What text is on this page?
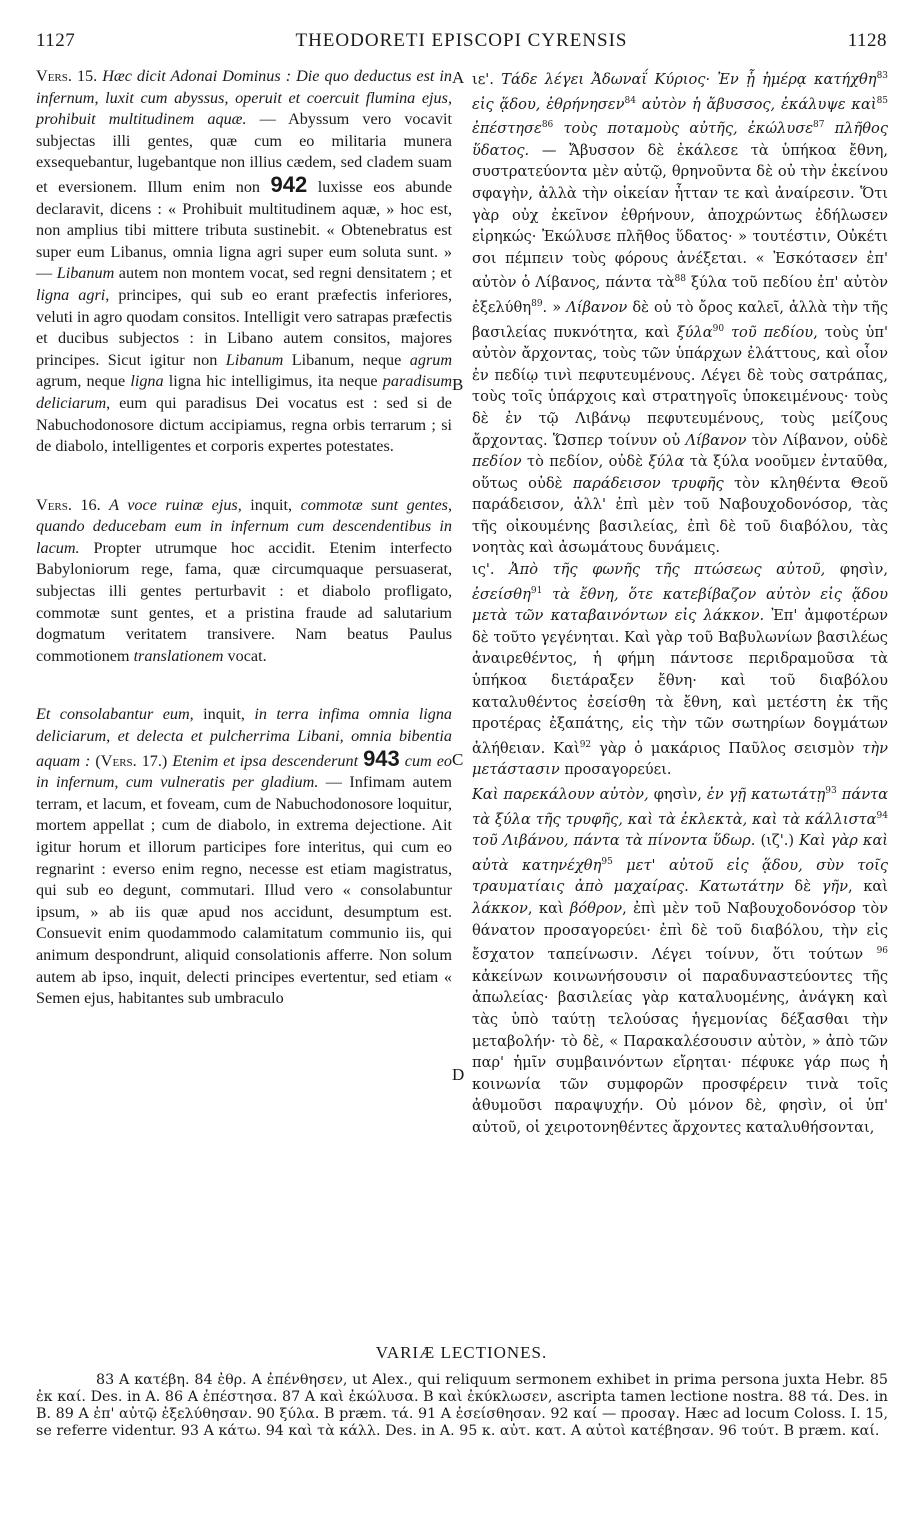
1127	THEODORETI EPISCOPI CYRENSIS	1128
A
B
C
D

Vers. 15. Hæc dicit Adonai Dominus : Die quo deductus est in infernum, luxit cum abyssus, operuit et coercuit flumina ejus, prohibuit multitudinem aquæ. — Abyssum vero vocavit subjectas illi gentes, quæ cum eo militaria munera exsequebantur, lugebantque non illius cædem, sed cladem suam et eversionem. Illum enim non 942 luxisse eos abunde declaravit, dicens : « Prohibuit multitudinem aquæ, » hoc est, non amplius tibi mittere tributa sustinebit. « Obtenebratus est super eum Libanus, omnia ligna agri super eum soluta sunt. » — Libanum autem non montem vocat, sed regni densitatem ; et ligna agri, principes, qui sub eo erant præfectis inferiores, veluti in agro quodam consitos. Intelligit vero satrapas præfectis et ducibus subjectos : in Libano autem consitos, majores principes. Sicut igitur non Libanum Libanum, neque agrum agrum, neque ligna ligna hic intelligimus, ita neque paradisum deliciarum, eum qui paradisus Dei vocatus est : sed si de Nabuchodonosore dictum accipiamus, regna orbis terrarum ; si de diabolo, intelligentes et corporis expertes potestates.

Vers. 16. A voce ruinæ ejus, inquit, commotæ sunt gentes, quando deducebam eum in infernum cum descendentibus in lacum. Propter utrumque hoc accidit. Etenim interfecto Babyloniorum rege, fama, quæ circumquaque persuaserat, subjectas illi gentes perturbavit : et diabolo profligato, commotæ sunt gentes, et a pristina fraude ad salutarium dogmatum veritatem transivere. Nam beatus Paulus commotionem translationem vocat.

Et consolabantur eum, inquit, in terra infima omnia ligna deliciarum, et delecta et pulcherrima Libani, omnia bibentia aquam : (Vers. 17.) Etenim et ipsa descenderunt 943 cum eo in infernum, cum vulneratis per gladium. — Infimam autem terram, et lacum, et foveam, cum de Nabuchodonosore loquitur, mortem appellat ; cum de diabolo, in extrema dejectione. Ait igitur horum et illorum participes fore interitus, qui cum eo regnarint : everso enim regno, necesse est etiam magistratus, qui sub eo degunt, commutari. Illud vero « consolabuntur ipsum, » ab iis quæ apud nos accidunt, desumptum est. Consuevit enim quodammodo calamitatum communio iis, qui animum despondrunt, aliquid consolationis afferre. Non solum autem ab ipso, inquit, delecti principes evertentur, sed etiam « Semen ejus, habitantes sub umbraculo

ιε'. Τάδε λέγει Ἀδωναΐ Κύριος· Ἐν ᾗ ἡμέρᾳ κατήχθη$^{83}$ εἰς ᾅδου, ἐθρήνησεν$^{84}$ αὐτὸν ἡ ἄβυσσος, ἐκάλυψε καὶ$^{85}$ ἐπέστησε$^{86}$ τοὺς ποταμοὺς αὐτῆς, ἐκώλυσε$^{87}$ πλῆθος ὕδατος. — Ἄβυσσον δὲ ἐκάλεσε τὰ ὑπήκοα ἔθνη, συστρατεύοντα μὲν αὐτῷ, θρηνοῦντα δὲ οὐ τὴν ἐκείνου σφαγὴν, ἀλλὰ τὴν οἰκείαν ἧτταν τε καὶ ἀναίρεσιν. Ὅτι γὰρ οὐχ ἐκεῖνον ἐθρήνουν, ἀποχρώντως ἐδήλωσεν εἰρηκώς· Ἐκώλυσε πλῆθος ὕδατος· » τουτέστιν, Οὐκέτι σοι πέμπειν τοὺς φόρους ἀνέξεται. « Ἐσκότασεν ἐπ' αὐτὸν ὁ Λίβανος, πάντα τὰ$^{88}$ ξύλα τοῦ πεδίου ἐπ' αὐτὸν ἐξελύθη$^{89}$. » Λίβανον δὲ οὐ τὸ ὄρος καλεῖ, ἀλλὰ τὴν τῆς βασιλείας πυκνότητα, καὶ ξύλα$^{90}$ τοῦ πεδίου, τοὺς ὑπ' αὐτὸν ἄρχοντας, τοὺς τῶν ὑπάρχων ἐλάττους, καὶ οἷον ἐν πεδίῳ τινὶ πεφυτευμένους. Λέγει δὲ τοὺς σατράπας, τοὺς τοῖς ὑπάρχοις καὶ στρατηγοῖς ὑποκειμένους· τοὺς δὲ ἐν τῷ Λιβάνῳ πεφυτευμένους, τοὺς μείζους ἄρχοντας. Ὥσπερ τοίνυν οὐ Λίβανον τὸν Λίβανον, οὐδὲ πεδίον τὸ πεδίον, οὐδὲ ξύλα τὰ ξύλα νοοῦμεν ἐνταῦθα, οὕτως οὐδὲ παράδεισον τρυφῆς τὸν κληθέντα Θεοῦ παράδεισον, ἀλλ' ἐπὶ μὲν τοῦ Ναβουχοδονόσορ, τὰς τῆς οἰκουμένης βασιλείας, ἐπὶ δὲ τοῦ διαβόλου, τὰς νοητὰς καὶ ἀσωμάτους δυνάμεις.

ις'. Ἀπὸ τῆς φωνῆς τῆς πτώσεως αὐτοῦ, φησὶν, ἐσείσθη$^{91}$ τὰ ἔθνη, ὅτε κατεβίβαζον αὐτὸν εἰς ᾅδου μετὰ τῶν καταβαινόντων εἰς λάκκον. Ἐπ' ἀμφοτέρων δὲ τοῦτο γεγένηται. Καὶ γὰρ τοῦ Βαβυλωνίων βασιλέως ἀναιρεθέντος, ἡ φήμη πάντοσε περιδραμοῦσα τὰ ὑπήκοα διετάραξεν ἔθνη· καὶ τοῦ διαβόλου καταλυθέντος ἐσείσθη τὰ ἔθνη, καὶ μετέστη ἐκ τῆς προτέρας ἐξαπάτης, εἰς τὴν τῶν σωτηρίων δογμάτων ἀλήθειαν. Καὶ$^{92}$ γὰρ ὁ μακάριος Παῦλος σεισμὸν τὴν μετάστασιν προσαγορεύει.

Καὶ παρεκάλουν αὐτὸν, φησὶν, ἐν γῇ κατωτάτῃ$^{93}$ πάντα τὰ ξύλα τῆς τρυφῆς, καὶ τὰ ἐκλεκτὰ, καὶ τὰ κάλλιστα$^{94}$ τοῦ Λιβάνου, πάντα τὰ πίνοντα ὕδωρ. (ιζ'.) Καὶ γὰρ καὶ αὐτὰ κατηνέχθη$^{95}$ μετ' αὐτοῦ εἰς ᾅδου, σὺν τοῖς τραυματίαις ἀπὸ μαχαίρας. Κατωτάτην δὲ γῆν, καὶ λάκκον, καὶ βόθρον, ἐπὶ μὲν τοῦ Ναβουχοδονόσορ τὸν θάνατον προσαγορεύει· ἐπὶ δὲ τοῦ διαβόλου, τὴν εἰς ἔσχατον ταπείνωσιν. Λέγει τοίνυν, ὅτι τούτων $^{96}$ κἀκείνων κοινωνήσουσιν οἱ παραδυναστεύοντες τῆς ἀπωλείας· βασιλείας γὰρ καταλυομένης, ἀνάγκη καὶ τὰς ὑπὸ ταύτῃ τελούσας ἡγεμονίας δέξασθαι τὴν μεταβολήν· τὸ δὲ, « Παρακαλέσουσιν αὐτὸν, » ἀπὸ τῶν παρ' ἡμῖν συμβαινόντων εἴρηται· πέφυκε γάρ πως ἡ κοινωνία τῶν συμφορῶν προσφέρειν τινὰ τοῖς ἀθυμοῦσι παραψυχήν. Οὐ μόνον δὲ, φησὶν, οἱ ὑπ' αὐτοῦ, οἱ χειροτονηθέντες ἄρχοντες καταλυθήσονται,

VARIÆ LECTIONES.

83 A κατέβη. 84 ἐθρ. A ἐπένθησεν, ut Alex., qui reliquum sermonem exhibet in prima persona juxta Hebr. 85 ἐκ καί. Des. in A. 86 A ἐπέστησα. 87 A καὶ ἐκώλυσα. B καὶ ἐκύκλωσεν, ascripta tamen lectione nostra. 88 τά. Des. in B. 89 A ἐπ' αὐτῷ ἐξελύθησαν. 90 ξύλα. B præm. τά. 91 A ἐσείσθησαν. 92 καί — προσαγ. Hæc ad locum Coloss. I. 15, se referre videntur. 93 A κάτω. 94 καὶ τὰ κάλλ. Des. in A. 95 κ. αὐτ. κατ. A αὐτοὶ κατέβησαν. 96 τούτ. B præm. καί.
